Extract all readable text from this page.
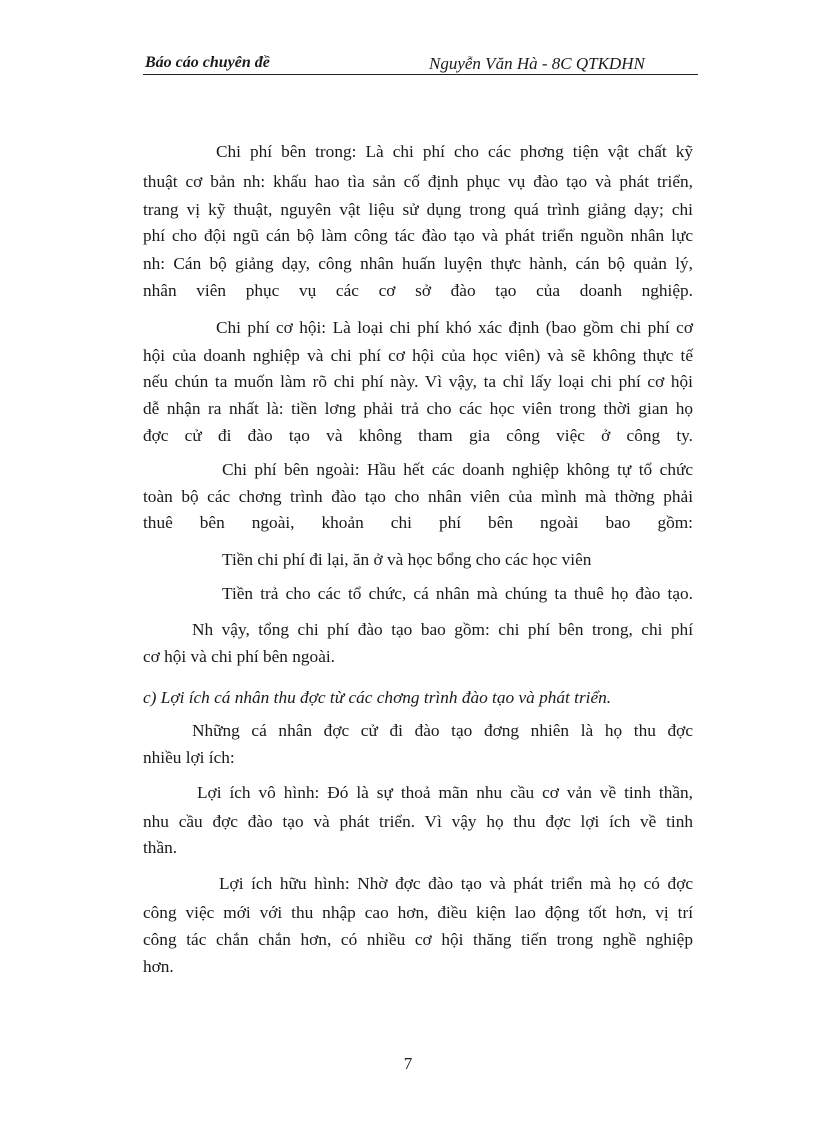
Báo cáo chuyên đề	Nguyễn Văn Hà - 8C QTKDHN
Chi phí bên trong: Là chi phí cho các phơng tiện vật chất kỹ
thuật cơ bản nh: khấu hao tìa sản cố định phục vụ đào tạo và phát triển,
trang vị kỹ thuật, nguyên vật liệu sử dụng trong quá trình giảng dạy; chi
phí cho đội ngũ cán bộ làm công tác đào tạo và phát triển nguồn nhân lực
nh: Cán bộ giảng dạy, công nhân huấn luyện thực hành, cán bộ quản lý,
nhân viên phục vụ các cơ sở đào tạo của doanh nghiệp.
Chi phí cơ hội: Là loại chi phí khó xác định (bao gồm chi phí cơ
hội của doanh nghiệp và chi phí cơ hội của học viên) và sẽ không thực tế
nếu chún ta muốn làm rõ chi phí này. Vì vậy, ta chỉ lấy loại chi phí cơ hội
dễ nhận ra nhất là: tiền lơng phải trả cho các học viên trong thời gian họ
đợc cử đi đào tạo và không tham gia công việc ở công ty.
Chi phí bên ngoài: Hầu hết các doanh nghiệp không tự tổ chức
toàn bộ các chơng trình đào tạo cho nhân viên của mình mà thờng phải
thuê bên ngoài, khoản chi phí bên ngoài bao gồm:
Tiền chi phí đi lại, ăn ở và học bổng cho các học viên
Tiền trả cho các tổ chức, cá nhân mà chúng ta thuê họ đào tạo.
Nh vậy, tổng chi phí đào tạo bao gồm: chi phí bên trong, chi phí
cơ hội và chi phí bên ngoài.
c) Lợi ích cá nhân thu đợc từ các chơng trình đào tạo và phát triển.
Những cá nhân đợc cử đi đào tạo đơng nhiên là họ thu đợc
nhiều lợi ích:
Lợi ích vô hình: Đó là sự thoả mãn nhu cầu cơ vản về tinh thần,
nhu cầu đợc đào tạo và phát triển. Vì vậy họ thu đợc lợi ích về tinh
thần.
Lợi ích hữu hình: Nhờ đợc đào tạo và phát triển mà họ có đợc
công việc mới với thu nhập cao hơn, điều kiện lao động tốt hơn, vị trí
công tác chắn chắn hơn, có nhiều cơ hội thăng tiến trong nghề nghiệp
hơn.
7
